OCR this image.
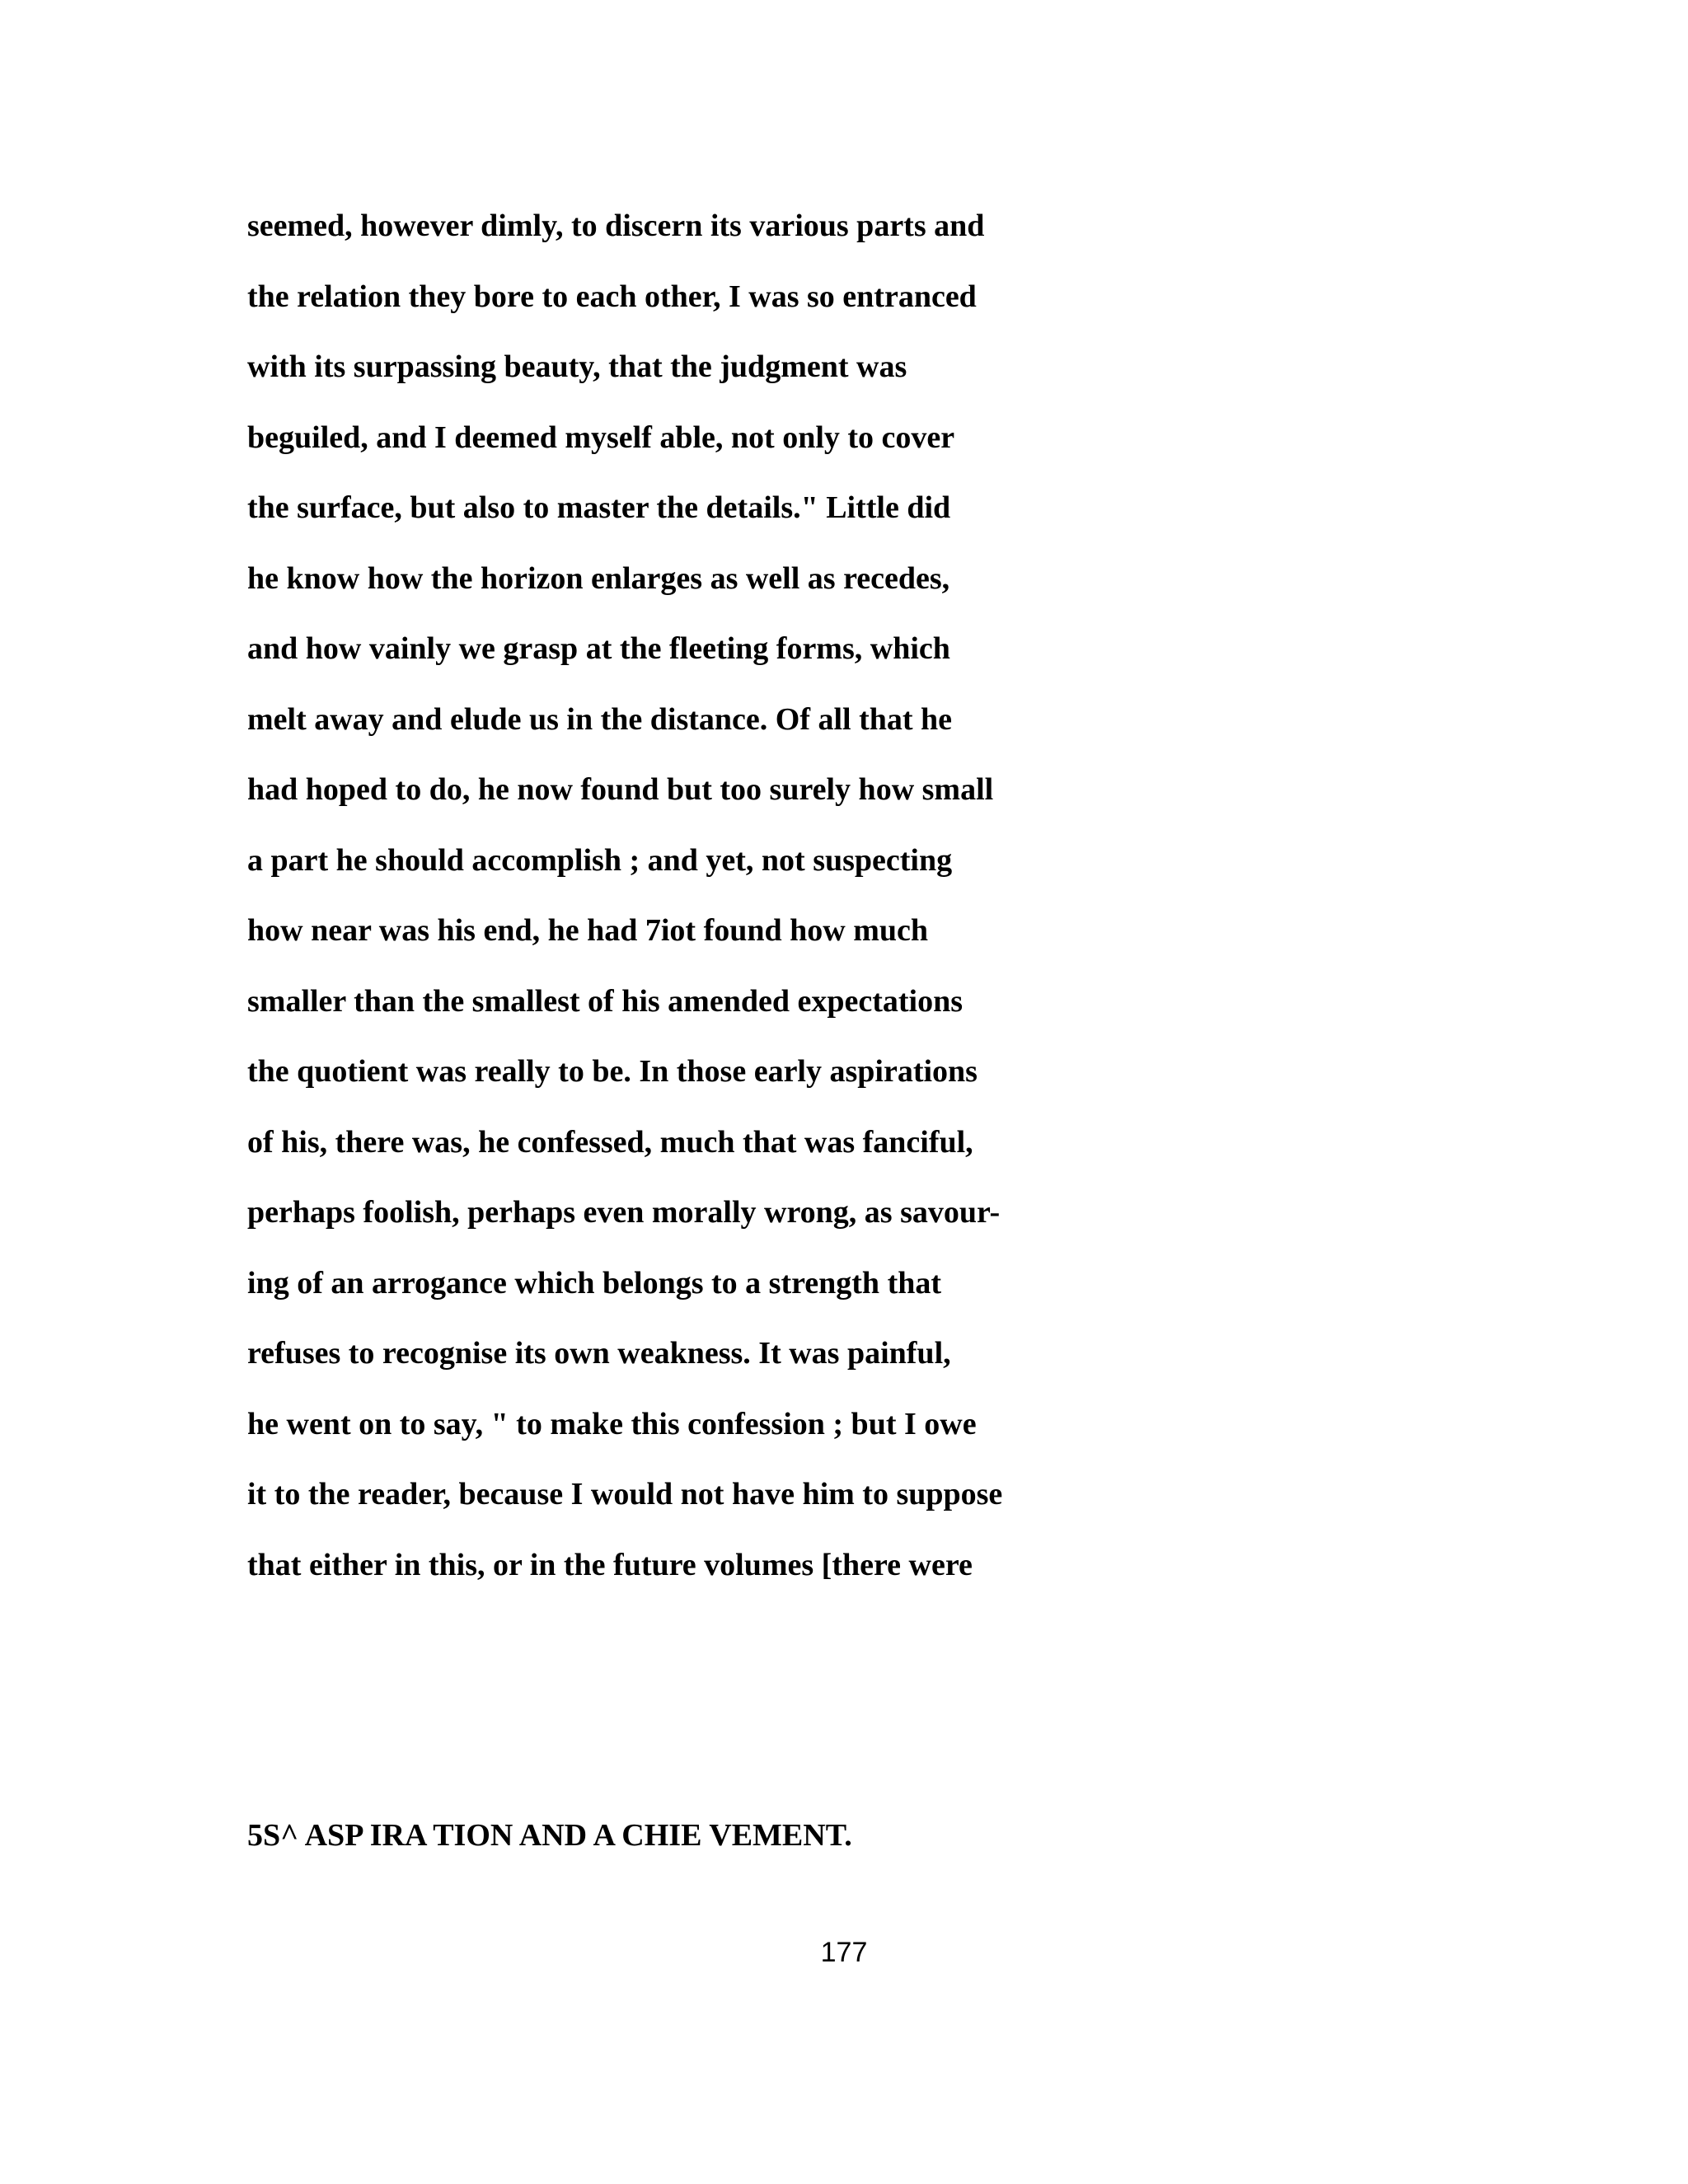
seemed, however dimly, to discern its various parts and
the relation they bore to each other, I was so entranced
with its surpassing beauty, that the judgment was
beguiled, and I deemed myself able, not only to cover
the surface, but also to master the details." Little did
he know how the horizon enlarges as well as recedes,
and how vainly we grasp at the fleeting forms, which
melt away and elude us in the distance. Of all that he
had hoped to do, he now found but too surely how small
a part he should accomplish ; and yet, not suspecting
how near was his end, he had 7iot found how much
smaller than the smallest of his amended expectations
the quotient was really to be. In those early aspirations
of his, there was, he confessed, much that was fanciful,
perhaps foolish, perhaps even morally wrong, as savour-
ing of an arrogance which belongs to a strength that
refuses to recognise its own weakness. It was painful,
he went on to say, " to make this confession ; but I owe
it to the reader, because I would not have him to suppose
that either in this, or in the future volumes [there were
5S^ ASP IRA TION AND A CHIE VEMENT.
177
